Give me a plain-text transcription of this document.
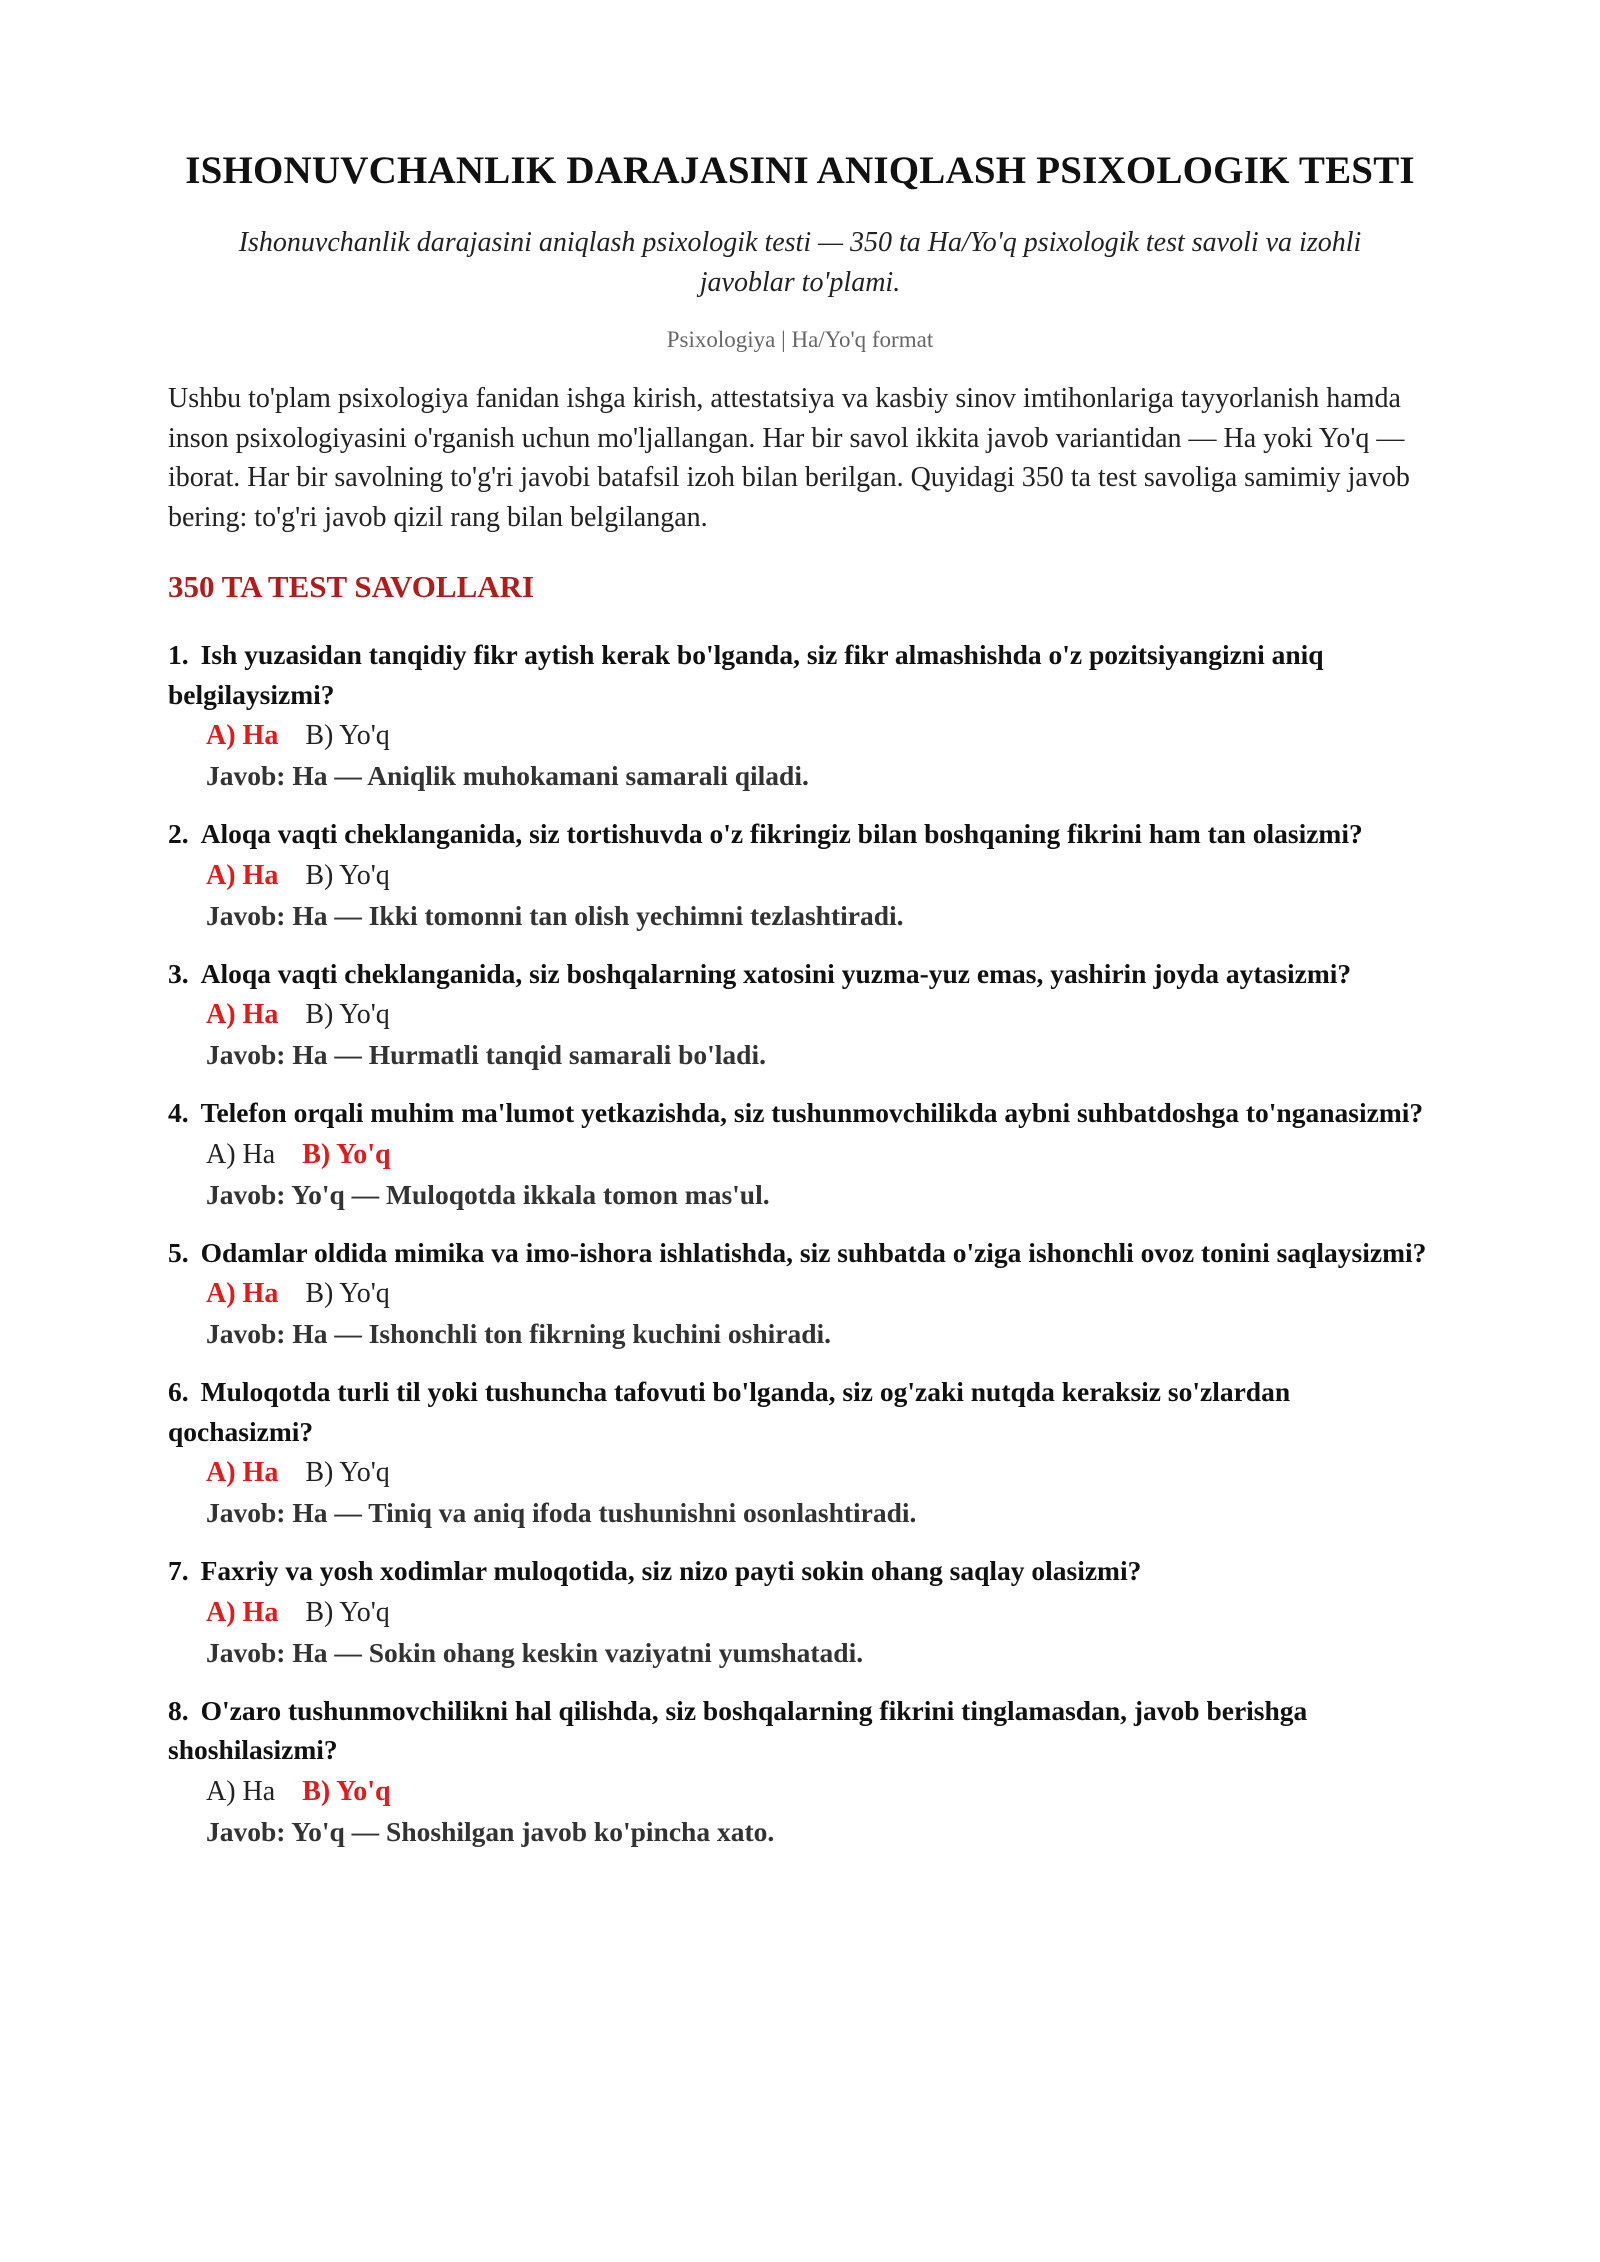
ISHONUVCHANLIK DARAJASINI ANIQLASH PSIXOLOGIK TESTI
Ishonuvchanlik darajasini aniqlash psixologik testi — 350 ta Ha/Yo'q psixologik test savoli va izohli javoblar to'plami.
Psixologiya | Ha/Yo'q format
Ushbu to'plam psixologiya fanidan ishga kirish, attestatsiya va kasbiy sinov imtihonlariga tayyorlanish hamda inson psixologiyasini o'rganish uchun mo'ljallangan. Har bir savol ikkita javob variantidan — Ha yoki Yo'q — iborat. Har bir savolning to'g'ri javobi batafsil izoh bilan berilgan. Quyidagi 350 ta test savoliga samimiy javob bering: to'g'ri javob qizil rang bilan belgilangan.
350 TA TEST SAVOLLARI
1. Ish yuzasidan tanqidiy fikr aytish kerak bo'lganda, siz fikr almashishda o'z pozitsiyangizni aniq belgilaysizmi?
A) Ha B) Yo'q
Javob: Ha — Aniqlik muhokamani samarali qiladi.
2. Aloqa vaqti cheklanganida, siz tortishuvda o'z fikringiz bilan boshqaning fikrini ham tan olasizmi?
A) Ha B) Yo'q
Javob: Ha — Ikki tomonni tan olish yechimni tezlashtiradi.
3. Aloqa vaqti cheklanganida, siz boshqalarning xatosini yuzma-yuz emas, yashirin joyda aytasizmi?
A) Ha B) Yo'q
Javob: Ha — Hurmatli tanqid samarali bo'ladi.
4. Telefon orqali muhim ma'lumot yetkazishda, siz tushunmovchilikda aybni suhbatdoshga to'nganasizmi?
A) Ha B) Yo'q
Javob: Yo'q — Muloqotda ikkala tomon mas'ul.
5. Odamlar oldida mimika va imo-ishora ishlatishda, siz suhbatda o'ziga ishonchli ovoz tonini saqlaysizmi?
A) Ha B) Yo'q
Javob: Ha — Ishonchli ton fikrning kuchini oshiradi.
6. Muloqotda turli til yoki tushuncha tafovuti bo'lganda, siz og'zaki nutqda keraksiz so'zlardan qochasizmi?
A) Ha B) Yo'q
Javob: Ha — Tiniq va aniq ifoda tushunishni osonlashtiradi.
7. Faxriy va yosh xodimlar muloqotida, siz nizo payti sokin ohang saqlay olasizmi?
A) Ha B) Yo'q
Javob: Ha — Sokin ohang keskin vaziyatni yumshatadi.
8. O'zaro tushunmovchilikni hal qilishda, siz boshqalarning fikrini tinglamasdan, javob berishga shoshilasizmi?
A) Ha B) Yo'q
Javob: Yo'q — Shoshilgan javob ko'pincha xato.
